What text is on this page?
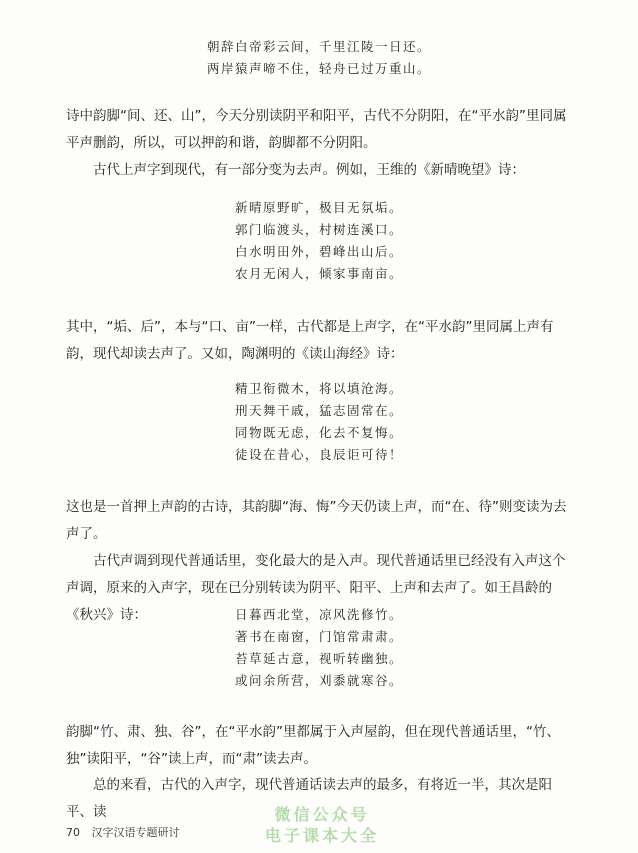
朝辞白帝彩云间，千里江陵一日还。
两岸猿声啼不住，轻舟已过万重山。

诗中韵脚“间、还、山”，今天分别读阴平和阳平，古代不分阴阳，在“平水韵”里同属平声删韵，所以，可以押韵和谐，韵脚都不分阴阳。

古代上声字到现代，有一部分变为去声。例如，王维的《新晴晚望》诗：

新晴原野旷，极目无氛垢。
郭门临渡头，村树连溪口。
白水明田外，碧峰出山后。
农月无闲人，倾家事南亩。

其中，“垢、后”，本与“口、亩”一样，古代都是上声字，在“平水韵”里同属上声有韵，现代却读去声了。又如，陶渊明的《读山海经》诗：

精卫衔微木，将以填沧海。
刑天舞干戚，猛志固常在。
同物既无虑，化去不复悔。
徒设在昔心，良辰讵可待！

这也是一首押上声韵的古诗，其韵脚“海、悔”今天仍读上声，而“在、待”则变读为去声了。

古代声调到现代普通话里，变化最大的是入声。现代普通话里已经没有入声这个声调，原来的入声字，现在已分别转读为阴平、阳平、上声和去声了。如王昌龄的《秋兴》诗：	日暮西北堂，凉风洗修竹。
著书在南窗，门馆常肃肃。
苔草延古意，视听转幽独。
或问余所营，刈黍就寒谷。

韵脚“竹、肃、独、谷”，在“平水韵”里都属于入声屋韵，但在现代普通话里，“竹、独”读阳平，“谷”读上声，而“肃”读去声。

总的来看，古代的入声字，现代普通话读去声的最多，有将近一半，其次是阳平、读

70 汉字汉语专题研讨
微信公众号
电子课本大全
